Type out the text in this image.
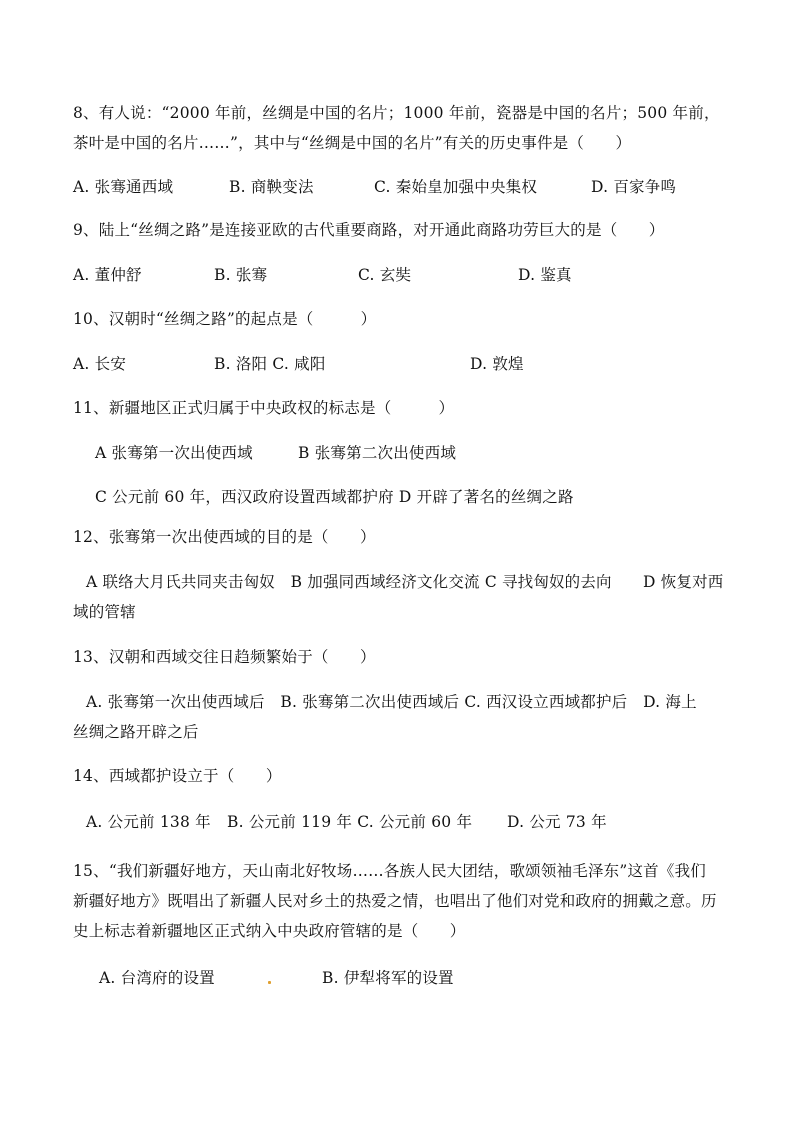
8、有人说：“2000 年前，丝绸是中国的名片；1000 年前，瓷器是中国的名片；500 年前，
茶叶是中国的名片……”，其中与“丝绸是中国的名片”有关的历史事件是（　　）
A. 张骞通西域	B. 商鞅变法	C. 秦始皇加强中央集权	D. 百家争鸣
9、陆上“丝绸之路”是连接亚欧的古代重要商路，对开通此商路功劳巨大的是（　　）
A. 董仲舒	B. 张骞	C. 玄奘	D. 鉴真
10、汉朝时“丝绸之路”的起点是（　　　）
A. 长安	B. 洛阳 C. 咸阳	D. 敦煌
11、新疆地区正式归属于中央政权的标志是（　　　）
A 张骞第一次出使西域	B 张骞第二次出使西域
C 公元前 60 年，西汉政府设置西域都护府 D 开辟了著名的丝绸之路
12、张骞第一次出使西域的目的是（　　）
A 联络大月氏共同夹击匈奴　B 加强同西域经济文化交流 C 寻找匈奴的去向　　D 恢复对西
域的管辖
13、汉朝和西域交往日趋频繁始于（　　）
A. 张骞第一次出使西域后　B. 张骞第二次出使西域后 C. 西汉设立西域都护后　D. 海上
丝绸之路开辟之后
14、西域都护设立于（　　）
A. 公元前 138 年 B. 公元前 119 年 C. 公元前 60 年 D. 公元 73 年
15、“我们新疆好地方，天山南北好牧场……各族人民大团结，歌颂领袖毛泽东”这首《我们
新疆好地方》既唱出了新疆人民对乡土的热爱之情，也唱出了他们对党和政府的拥戴之意。历
史上标志着新疆地区正式纳入中央政府管辖的是（　　）
A. 台湾府的设置	B. 伊犁将军的设置
